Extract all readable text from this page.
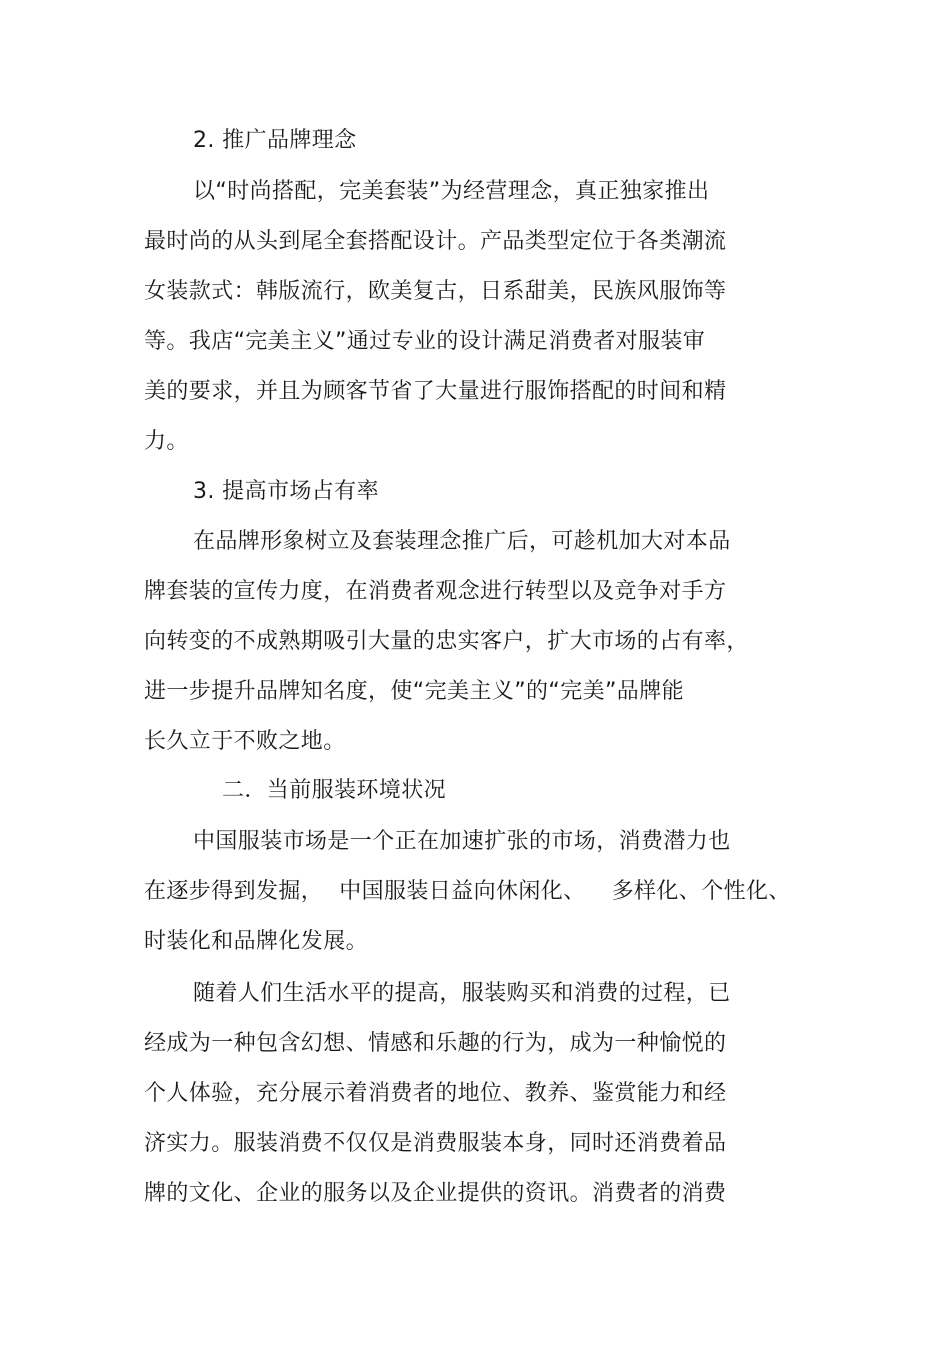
2. 推广品牌理念
以“时尚搭配，完美套装”为经营理念，真正独家推出
最时尚的从头到尾全套搭配设计。产品类型定位于各类潮流
女装款式：韩版流行，欧美复古，日系甜美，民族风服饰等
等。我店“完美主义”通过专业的设计满足消费者对服装审
美的要求，并且为顾客节省了大量进行服饰搭配的时间和精
力。
3. 提高市场占有率
在品牌形象树立及套装理念推广后，可趁机加大对本品
牌套装的宣传力度，在消费者观念进行转型以及竞争对手方
向转变的不成熟期吸引大量的忠实客户，扩大市场的占有率，
进一步提升品牌知名度，使“完美主义”的“完美”品牌能
长久立于不败之地。
二．当前服装环境状况
中国服装市场是一个正在加速扩张的市场，消费潜力也
在逐步得到发掘， 中国服装日益向休闲化、 多样化、个性化、
时装化和品牌化发展。
随着人们生活水平的提高，服装购买和消费的过程，已
经成为一种包含幻想、情感和乐趣的行为，成为一种愉悦的
个人体验，充分展示着消费者的地位、教养、鉴赏能力和经
济实力。服装消费不仅仅是消费服装本身，同时还消费着品
牌的文化、企业的服务以及企业提供的资讯。消费者的消费
